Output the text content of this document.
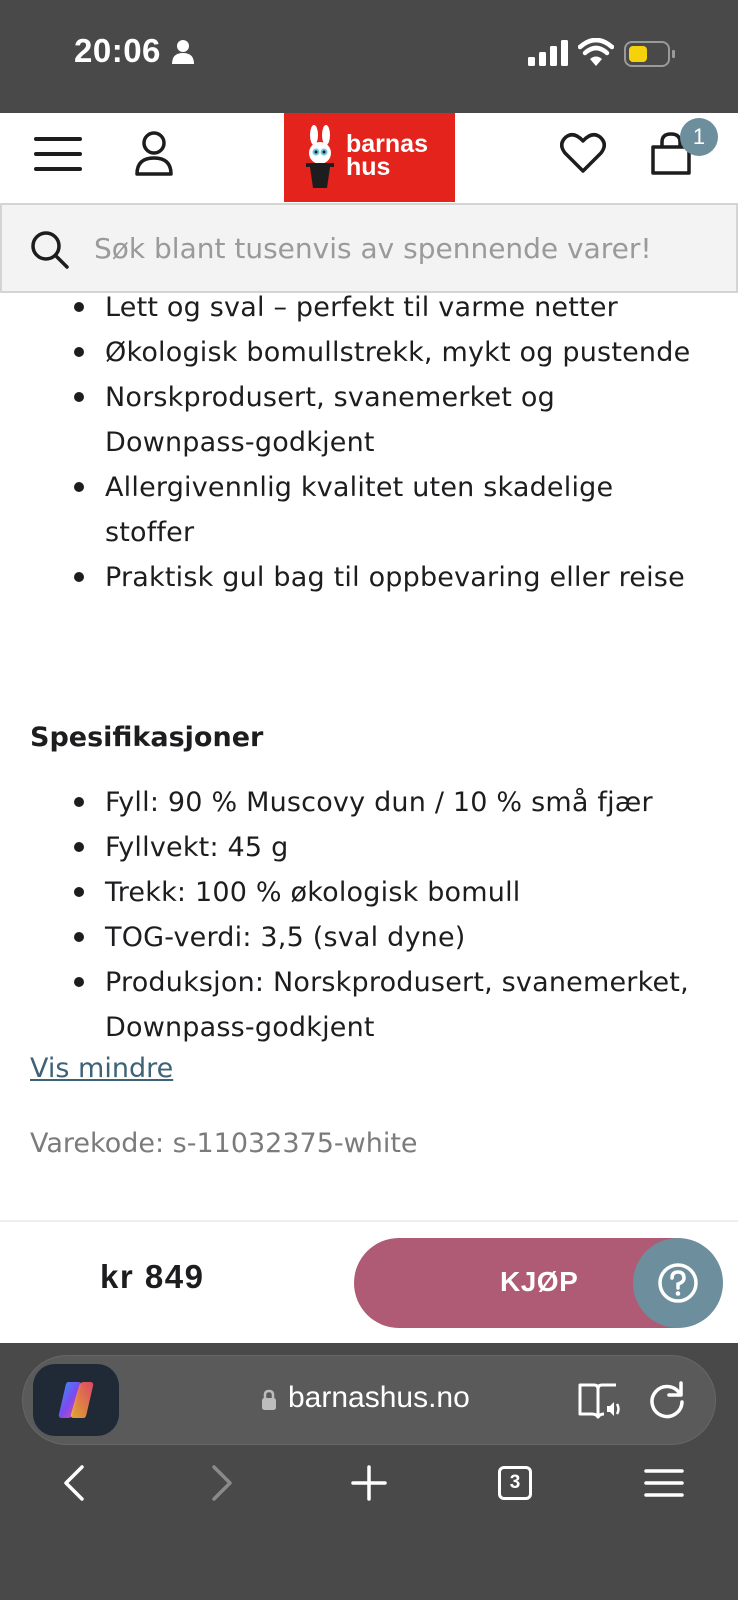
20:06
barnas
hus
1
Søk blant tusenvis av spennende varer!
Lett og sval – perfekt til varme netter
Økologisk bomullstrekk, mykt og pustende
Norskprodusert, svanemerket og Downpass-godkjent
Allergivennlig kvalitet uten skadelige stoffer
Praktisk gul bag til oppbevaring eller reise
Spesifikasjoner
Fyll: 90 % Muscovy dun / 10 % små fjær
Fyllvekt: 45 g
Trekk: 100 % økologisk bomull
TOG-verdi: 3,5 (sval dyne)
Produksjon: Norskprodusert, svanemerket, Downpass-godkjent
Vis mindre
Varekode: s-11032375-white
kr 849	KJØP
barnashus.no
3
